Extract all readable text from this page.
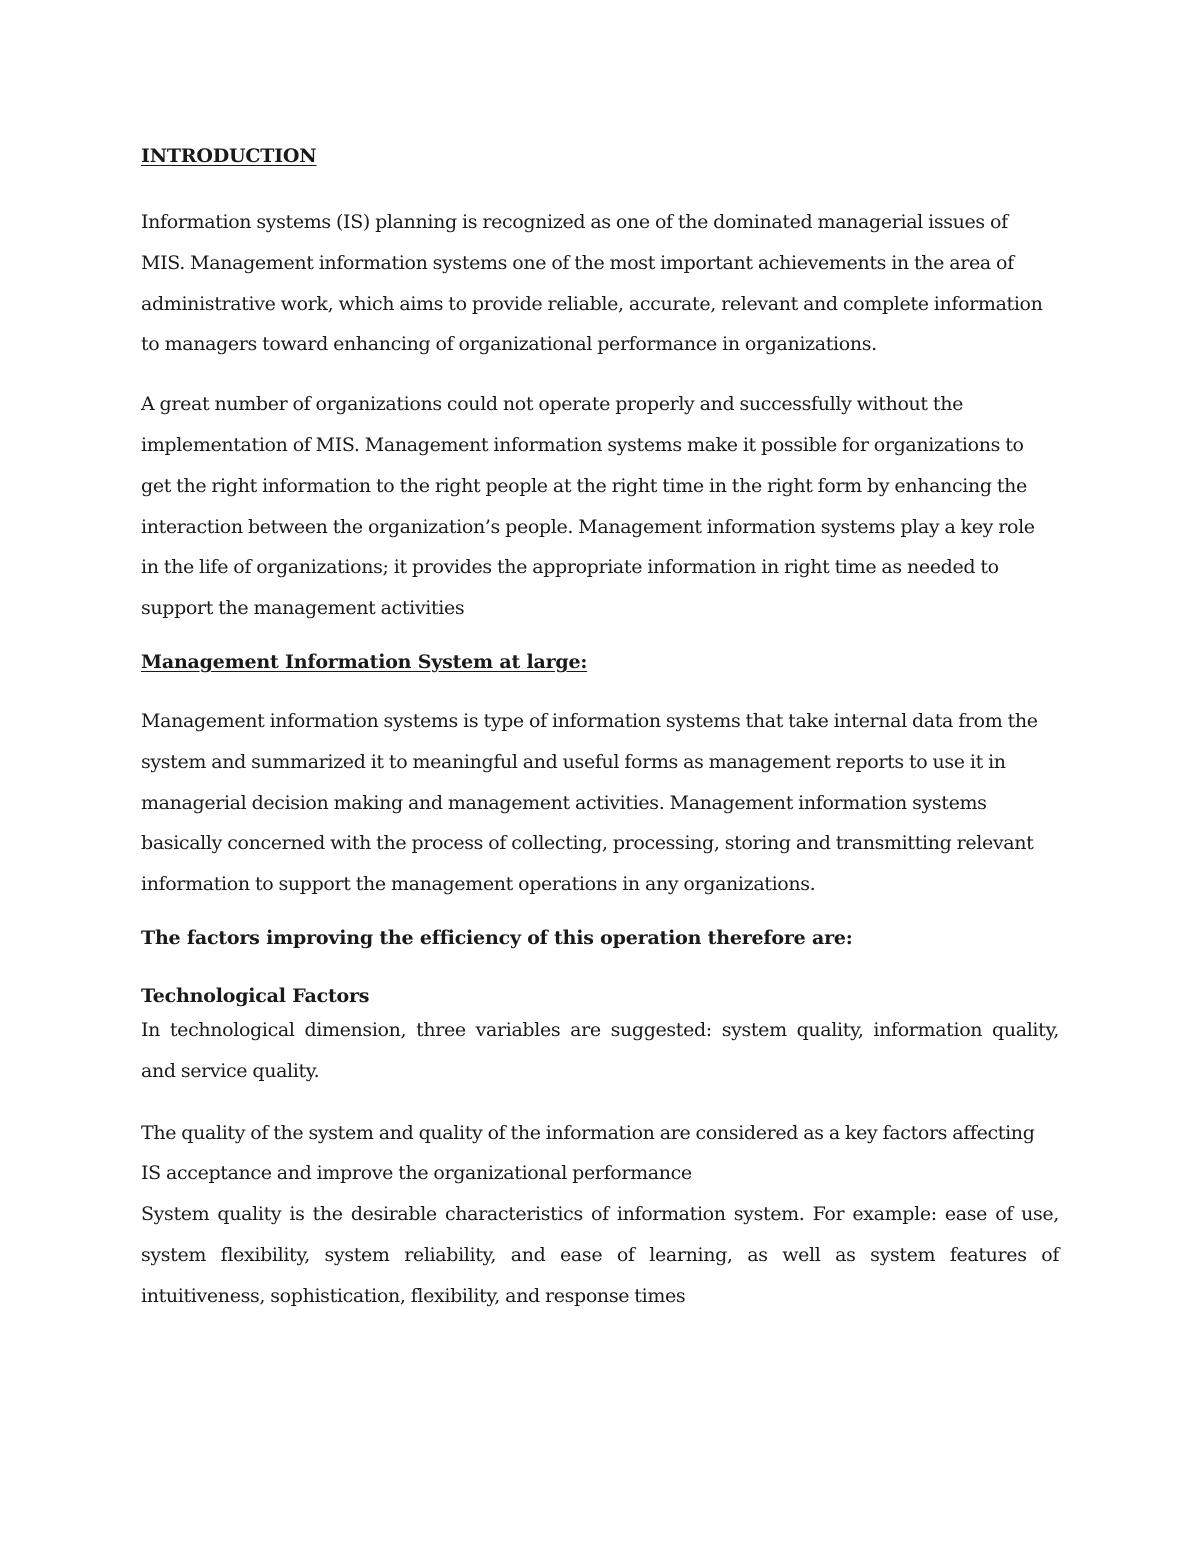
INTRODUCTION
Information systems (IS) planning is recognized as one of the dominated managerial issues of
MIS. Management information systems one of the most important achievements in the area of
administrative work, which aims to provide reliable, accurate, relevant and complete information
to managers toward enhancing of organizational performance in organizations.
A great number of organizations could not operate properly and successfully without the
implementation of MIS. Management information systems make it possible for organizations to
get the right information to the right people at the right time in the right form by enhancing the
interaction between the organization’s people. Management information systems play a key role
in the life of organizations; it provides the appropriate information in right time as needed to
support the management activities
Management Information System at large:
Management information systems is type of information systems that take internal data from the
system and summarized it to meaningful and useful forms as management reports to use it in
managerial decision making and management activities. Management information systems
basically concerned with the process of collecting, processing, storing and transmitting relevant
information to support the management operations in any organizations.
The factors improving the efficiency of this operation therefore are:
Technological Factors
In technological dimension, three variables are suggested: system quality, information quality,
and service quality.
The quality of the system and quality of the information are considered as a key factors affecting
IS acceptance and improve the organizational performance
System quality is the desirable characteristics of information system. For example: ease of use,
system flexibility, system reliability, and ease of learning, as well as system features of
intuitiveness, sophistication, flexibility, and response times
